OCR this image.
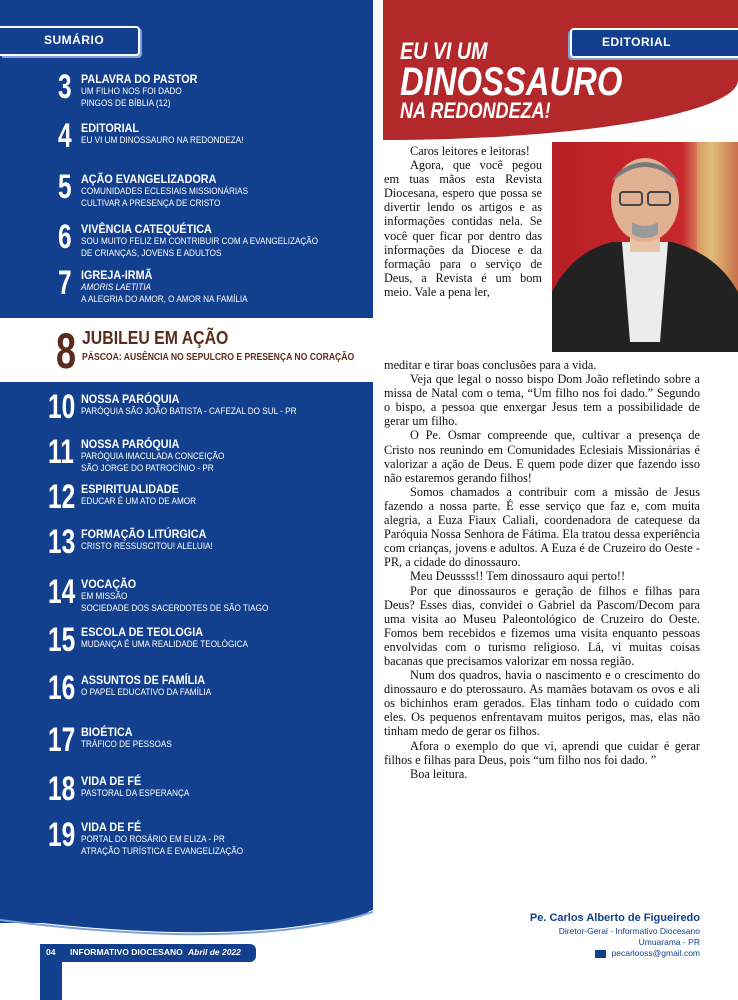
SUMÁRIO
3 PALAVRA DO PASTOR
UM FILHO NOS FOI DADO
PINGOS DE BÍBLIA (12)
4 EDITORIAL
EU VI UM DINOSSAURO NA REDONDEZA!
5 AÇÃO EVANGELIZADORA
COMUNIDADES ECLESIAIS MISSIONÁRIAS
CULTIVAR A PRESENÇA DE CRISTO
6 VIVÊNCIA CATEQUÉTICA
SOU MUITO FELIZ EM CONTRIBUIR COM A EVANGELIZAÇÃO
DE CRIANÇAS, JOVENS E ADULTOS
7 IGREJA-IRMÃ
AMORIS LAETITIA
A ALEGRIA DO AMOR, O AMOR NA FAMÍLIA
10 NOSSA PARÓQUIA
PARÓQUIA SÃO JOÃO BATISTA - CAFEZAL DO SUL - PR
11 NOSSA PARÓQUIA
PARÓQUIA IMACULADA CONCEIÇÃO
SÃO JORGE DO PATROCÍNIO - PR
12 ESPIRITUALIDADE
EDUCAR É UM ATO DE AMOR
13 FORMAÇÃO LITÚRGICA
CRISTO RESSUSCITOU! ALELUIA!
14 VOCAÇÃO
EM MISSÃO
SOCIEDADE DOS SACERDOTES DE SÃO TIAGO
15 ESCOLA DE TEOLOGIA
MUDANÇA É UMA REALIDADE TEOLÓGICA
16 ASSUNTOS DE FAMÍLIA
O PAPEL EDUCATIVO DA FAMÍLIA
17 BIOÉTICA
TRÁFICO DE PESSOAS
18 VIDA DE FÉ
PASTORAL DA ESPERANÇA
19 VIDA DE FÉ
PORTAL DO ROSÁRIO EM ELIZA - PR
ATRAÇÃO TURÍSTICA E EVANGELIZAÇÃO
8 JUBILEU EM AÇÃO
PÁSCOA: AUSÊNCIA NO SEPULCRO E PRESENÇA NO CORAÇÃO
04 INFORMATIVO DIOCESANO Abril de 2022
EDITORIAL
EU VI UM
DINOSSAURO
NA REDONDEZA!

Caros leitores e leitoras!

Agora, que você pegou em tuas mãos esta Revista Diocesana, espero que possa se divertir lendo os artigos e as informações contidas nela. Se você quer ficar por dentro das informações da Diocese e da formação para o serviço de Deus, a Revista é um bom meio. Vale a pena ler,

meditar e tirar boas conclusões para a vida.

Veja que legal o nosso bispo Dom João refletindo sobre a missa de Natal com o tema, “Um filho nos foi dado.” Segundo o bispo, a pessoa que enxergar Jesus tem a possibilidade de gerar um filho.

O Pe. Osmar compreende que, cultivar a presença de Cristo nos reunindo em Comunidades Eclesiais Missionárias é valorizar a ação de Deus. E quem pode dizer que fazendo isso não estaremos gerando filhos!

Somos chamados a contribuir com a missão de Jesus fazendo a nossa parte. É esse serviço que faz e, com muita alegria, a Euza Fiaux Caliali, coordenadora de catequese da Paróquia Nossa Senhora de Fátima. Ela tratou dessa experiência com crianças, jovens e adultos. A Euza é de Cruzeiro do Oeste - PR, a cidade do dinossauro.

Meu Deussss!! Tem dinossauro aqui perto!!

Por que dinossauros e geração de filhos e filhas para Deus? Esses dias, convidei o Gabriel da Pascom/Decom para uma visita ao Museu Paleontológico de Cruzeiro do Oeste. Fomos bem recebidos e fizemos uma visita enquanto pessoas envolvidas com o turismo religioso. Lá, vi muitas coisas bacanas que precisamos valorizar em nossa região.

Num dos quadros, havia o nascimento e o crescimento do dinossauro e do pterossauro. As mamães botavam os ovos e ali os bichinhos eram gerados. Elas tinham todo o cuidado com eles. Os pequenos enfrentavam muitos perigos, mas, elas não tinham medo de gerar os filhos.

Afora o exemplo do que vi, aprendi que cuidar é gerar filhos e filhas para Deus, pois “um filho nos foi dado. ”

Boa leitura.

Pe. Carlos Alberto de Figueiredo
Diretor-Geral - Informativo Diocesano
Umuarama - PR
pecarlooss@gmail.com
